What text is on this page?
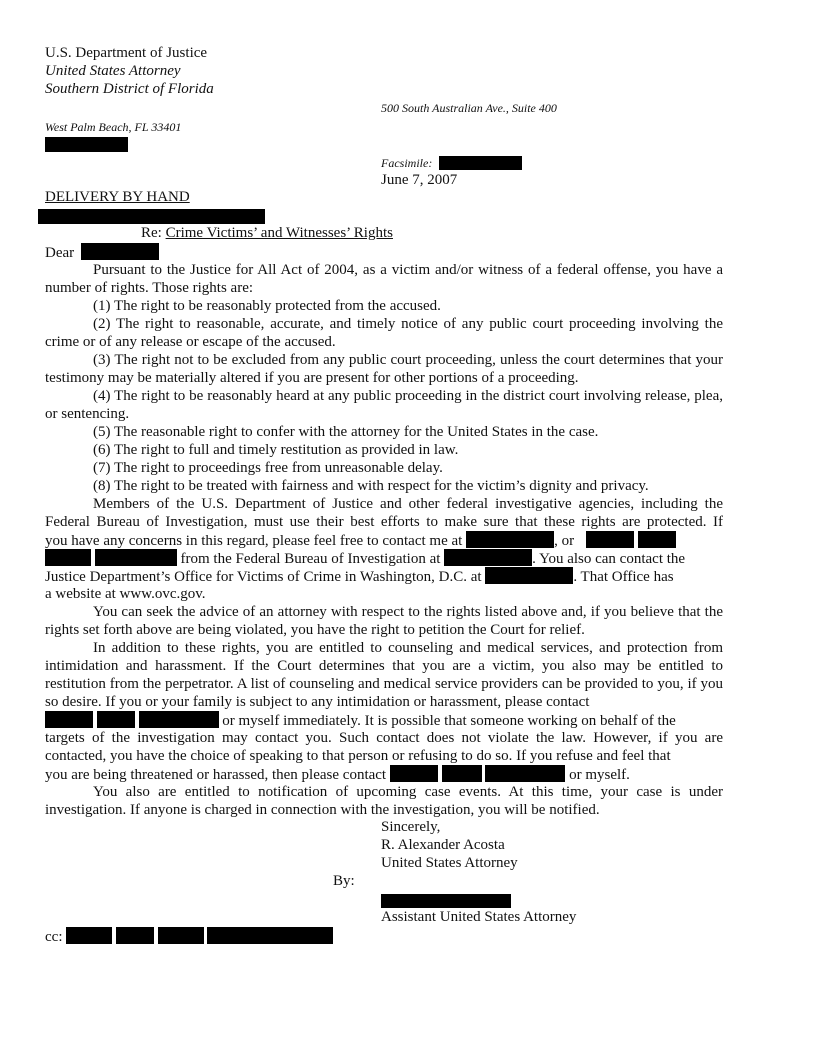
U.S. Department of Justice
United States Attorney
Southern District of Florida
500 South Australian Ave., Suite 400
West Palm Beach, FL 33401
Facsimile:
June 7, 2007
DELIVERY BY HAND
Re: Crime Victims’ and Witnesses’ Rights
Dear
Pursuant to the Justice for All Act of 2004, as a victim and/or witness of a federal offense, you have a number of rights. Those rights are:
(1) The right to be reasonably protected from the accused.
(2) The right to reasonable, accurate, and timely notice of any public court proceeding involving the crime or of any release or escape of the accused.
(3) The right not to be excluded from any public court proceeding, unless the court determines that your testimony may be materially altered if you are present for other portions of a proceeding.
(4) The right to be reasonably heard at any public proceeding in the district court involving release, plea, or sentencing.
(5) The reasonable right to confer with the attorney for the United States in the case.
(6) The right to full and timely restitution as provided in law.
(7) The right to proceedings free from unreasonable delay.
(8) The right to be treated with fairness and with respect for the victim’s dignity and privacy.
Members of the U.S. Department of Justice and other federal investigative agencies, including the
Federal Bureau of Investigation, must use their best efforts to make sure that these rights are protected. If
you have any concerns in this regard, please feel free to contact me at	, or
from the Federal Bureau of Investigation at	. You also can contact the
Justice Department’s Office for Victims of Crime in Washington, D.C. at	. That Office has
a website at www.ovc.gov.
You can seek the advice of an attorney with respect to the rights listed above and, if you believe that the rights set forth above are being violated, you have the right to petition the Court for relief.
In addition to these rights, you are entitled to counseling and medical services, and protection from intimidation and harassment. If the Court determines that you are a victim, you also may be entitled to restitution from the perpetrator. A list of counseling and medical service providers can be provided to you, if you so desire. If you or your family is subject to any intimidation or harassment, please contact
or myself immediately. It is possible that someone working on behalf of the
targets of the investigation may contact you. Such contact does not violate the law. However, if you are contacted, you have the choice of speaking to that person or refusing to do so. If you refuse and feel that
you are being threatened or harassed, then please contact	or myself.
You also are entitled to notification of upcoming case events. At this time, your case is under investigation. If anyone is charged in connection with the investigation, you will be notified.
Sincerely,
R. Alexander Acosta
United States Attorney
By:
Assistant United States Attorney
cc:
